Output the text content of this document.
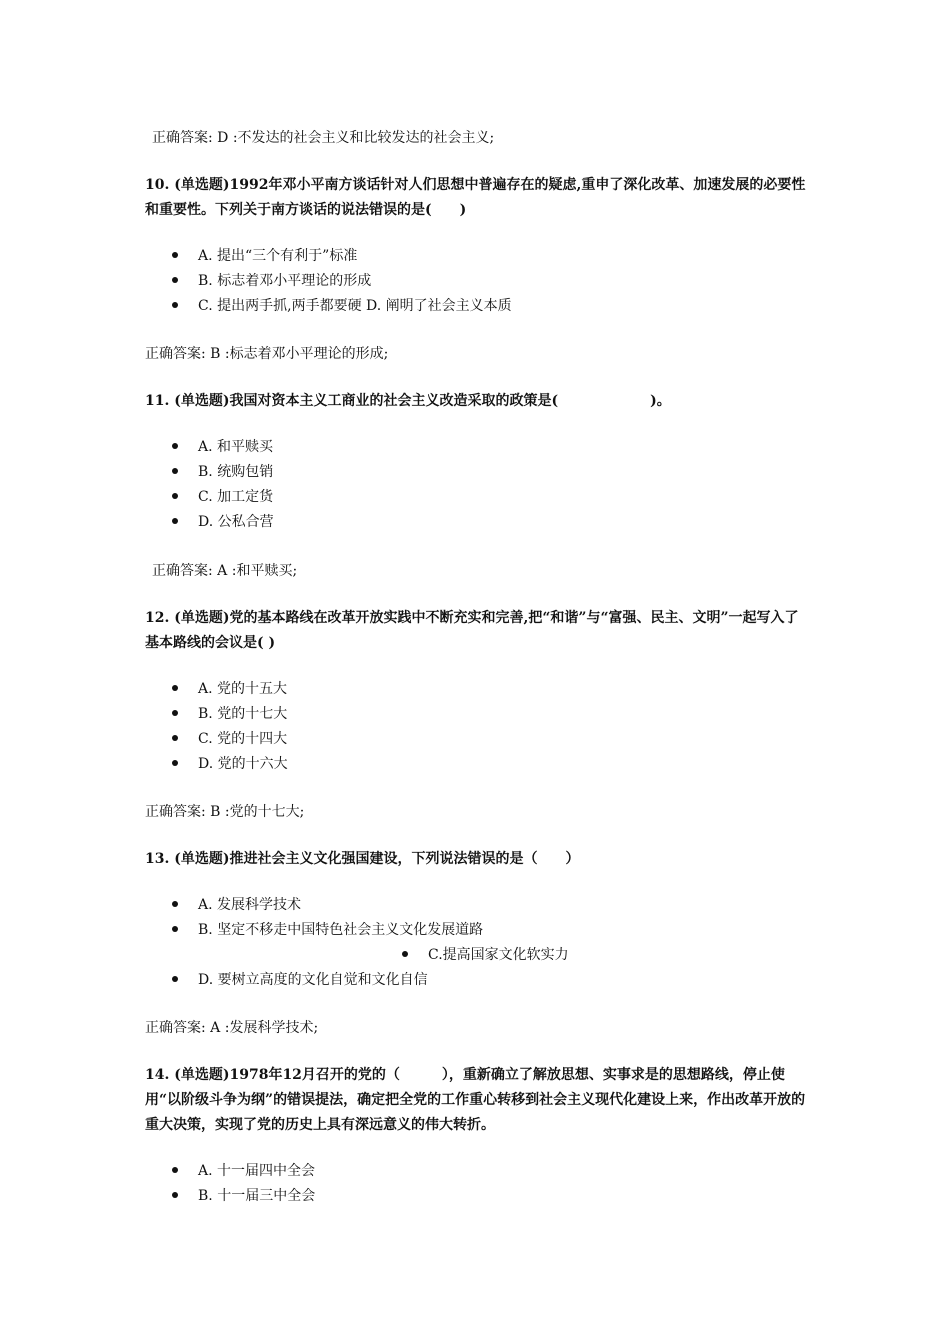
正确答案: D :不发达的社会主义和比较发达的社会主义;
10. (单选题)1992年邓小平南方谈话针对人们思想中普遍存在的疑虑,重申了深化改革、加速发展的必要性和重要性。下列关于南方谈话的说法错误的是(　　)
A. 提出“三个有利于”标准
B. 标志着邓小平理论的形成
C. 提出两手抓,两手都要硬 D. 阐明了社会主义本质
正确答案: B :标志着邓小平理论的形成;
11. (单选题)我国对资本主义工商业的社会主义改造采取的政策是(	)。
A. 和平赎买
B. 统购包销
C. 加工定货
D. 公私合营
正确答案: A :和平赎买;
12. (单选题)党的基本路线在改革开放实践中不断充实和完善,把“和谐”与“富强、民主、文明”一起写入了基本路线的会议是( )
A. 党的十五大
B. 党的十七大
C. 党的十四大
D. 党的十六大
正确答案: B :党的十七大;
13. (单选题)推进社会主义文化强国建设，下列说法错误的是（　　）
A. 发展科学技术
B. 坚定不移走中国特色社会主义文化发展道路
C.提高国家文化软实力
D. 要树立高度的文化自觉和文化自信
正确答案: A :发展科学技术;
14. (单选题)1978年12月召开的党的（　　　），重新确立了解放思想、实事求是的思想路线，停止使用“以阶级斗争为纲”的错误提法，确定把全党的工作重心转移到社会主义现代化建设上来，作出改革开放的重大决策，实现了党的历史上具有深远意义的伟大转折。
A. 十一届四中全会
B. 十一届三中全会
